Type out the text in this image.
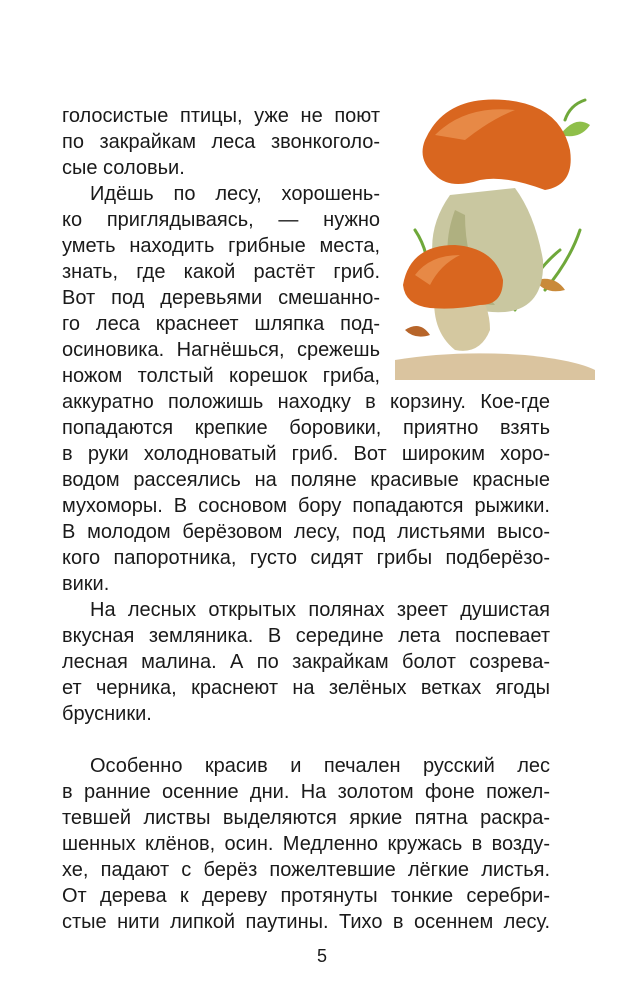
голосистые птицы, уже не поют
по закрайкам леса звонкоголо-
сые соловьи.
Идёшь по лесу, хорошень-
ко приглядываясь, — нужно
уметь находить грибные места,
знать, где какой растёт гриб.
Вот под деревьями смешанно-
го леса краснеет шляпка под-
осиновика. Нагнёшься, срежешь
ножом толстый корешок гриба,
аккуратно положишь находку в корзину. Кое-где
попадаются крепкие боровики, приятно взять
в руки холодноватый гриб. Вот широким хоро-
водом рассеялись на поляне красивые красные
мухоморы. В сосновом бору попадаются рыжики.
В молодом берёзовом лесу, под листьями высо-
кого папоротника, густо сидят грибы подберёзо-
вики.
На лесных открытых полянах зреет душистая
вкусная земляника. В середине лета поспевает
лесная малина. А по закрайкам болот созрева-
ет черника, краснеют на зелёных ветках ягоды
брусники.
Особенно красив и печален русский лес
в ранние осенние дни. На золотом фоне пожел-
тевшей листвы выделяются яркие пятна раскра-
шенных клёнов, осин. Медленно кружась в возду-
хе, падают с берёз пожелтевшие лёгкие листья.
От дерева к дереву протянуты тонкие серебри-
стые нити липкой паутины. Тихо в осеннем лесу.
5
